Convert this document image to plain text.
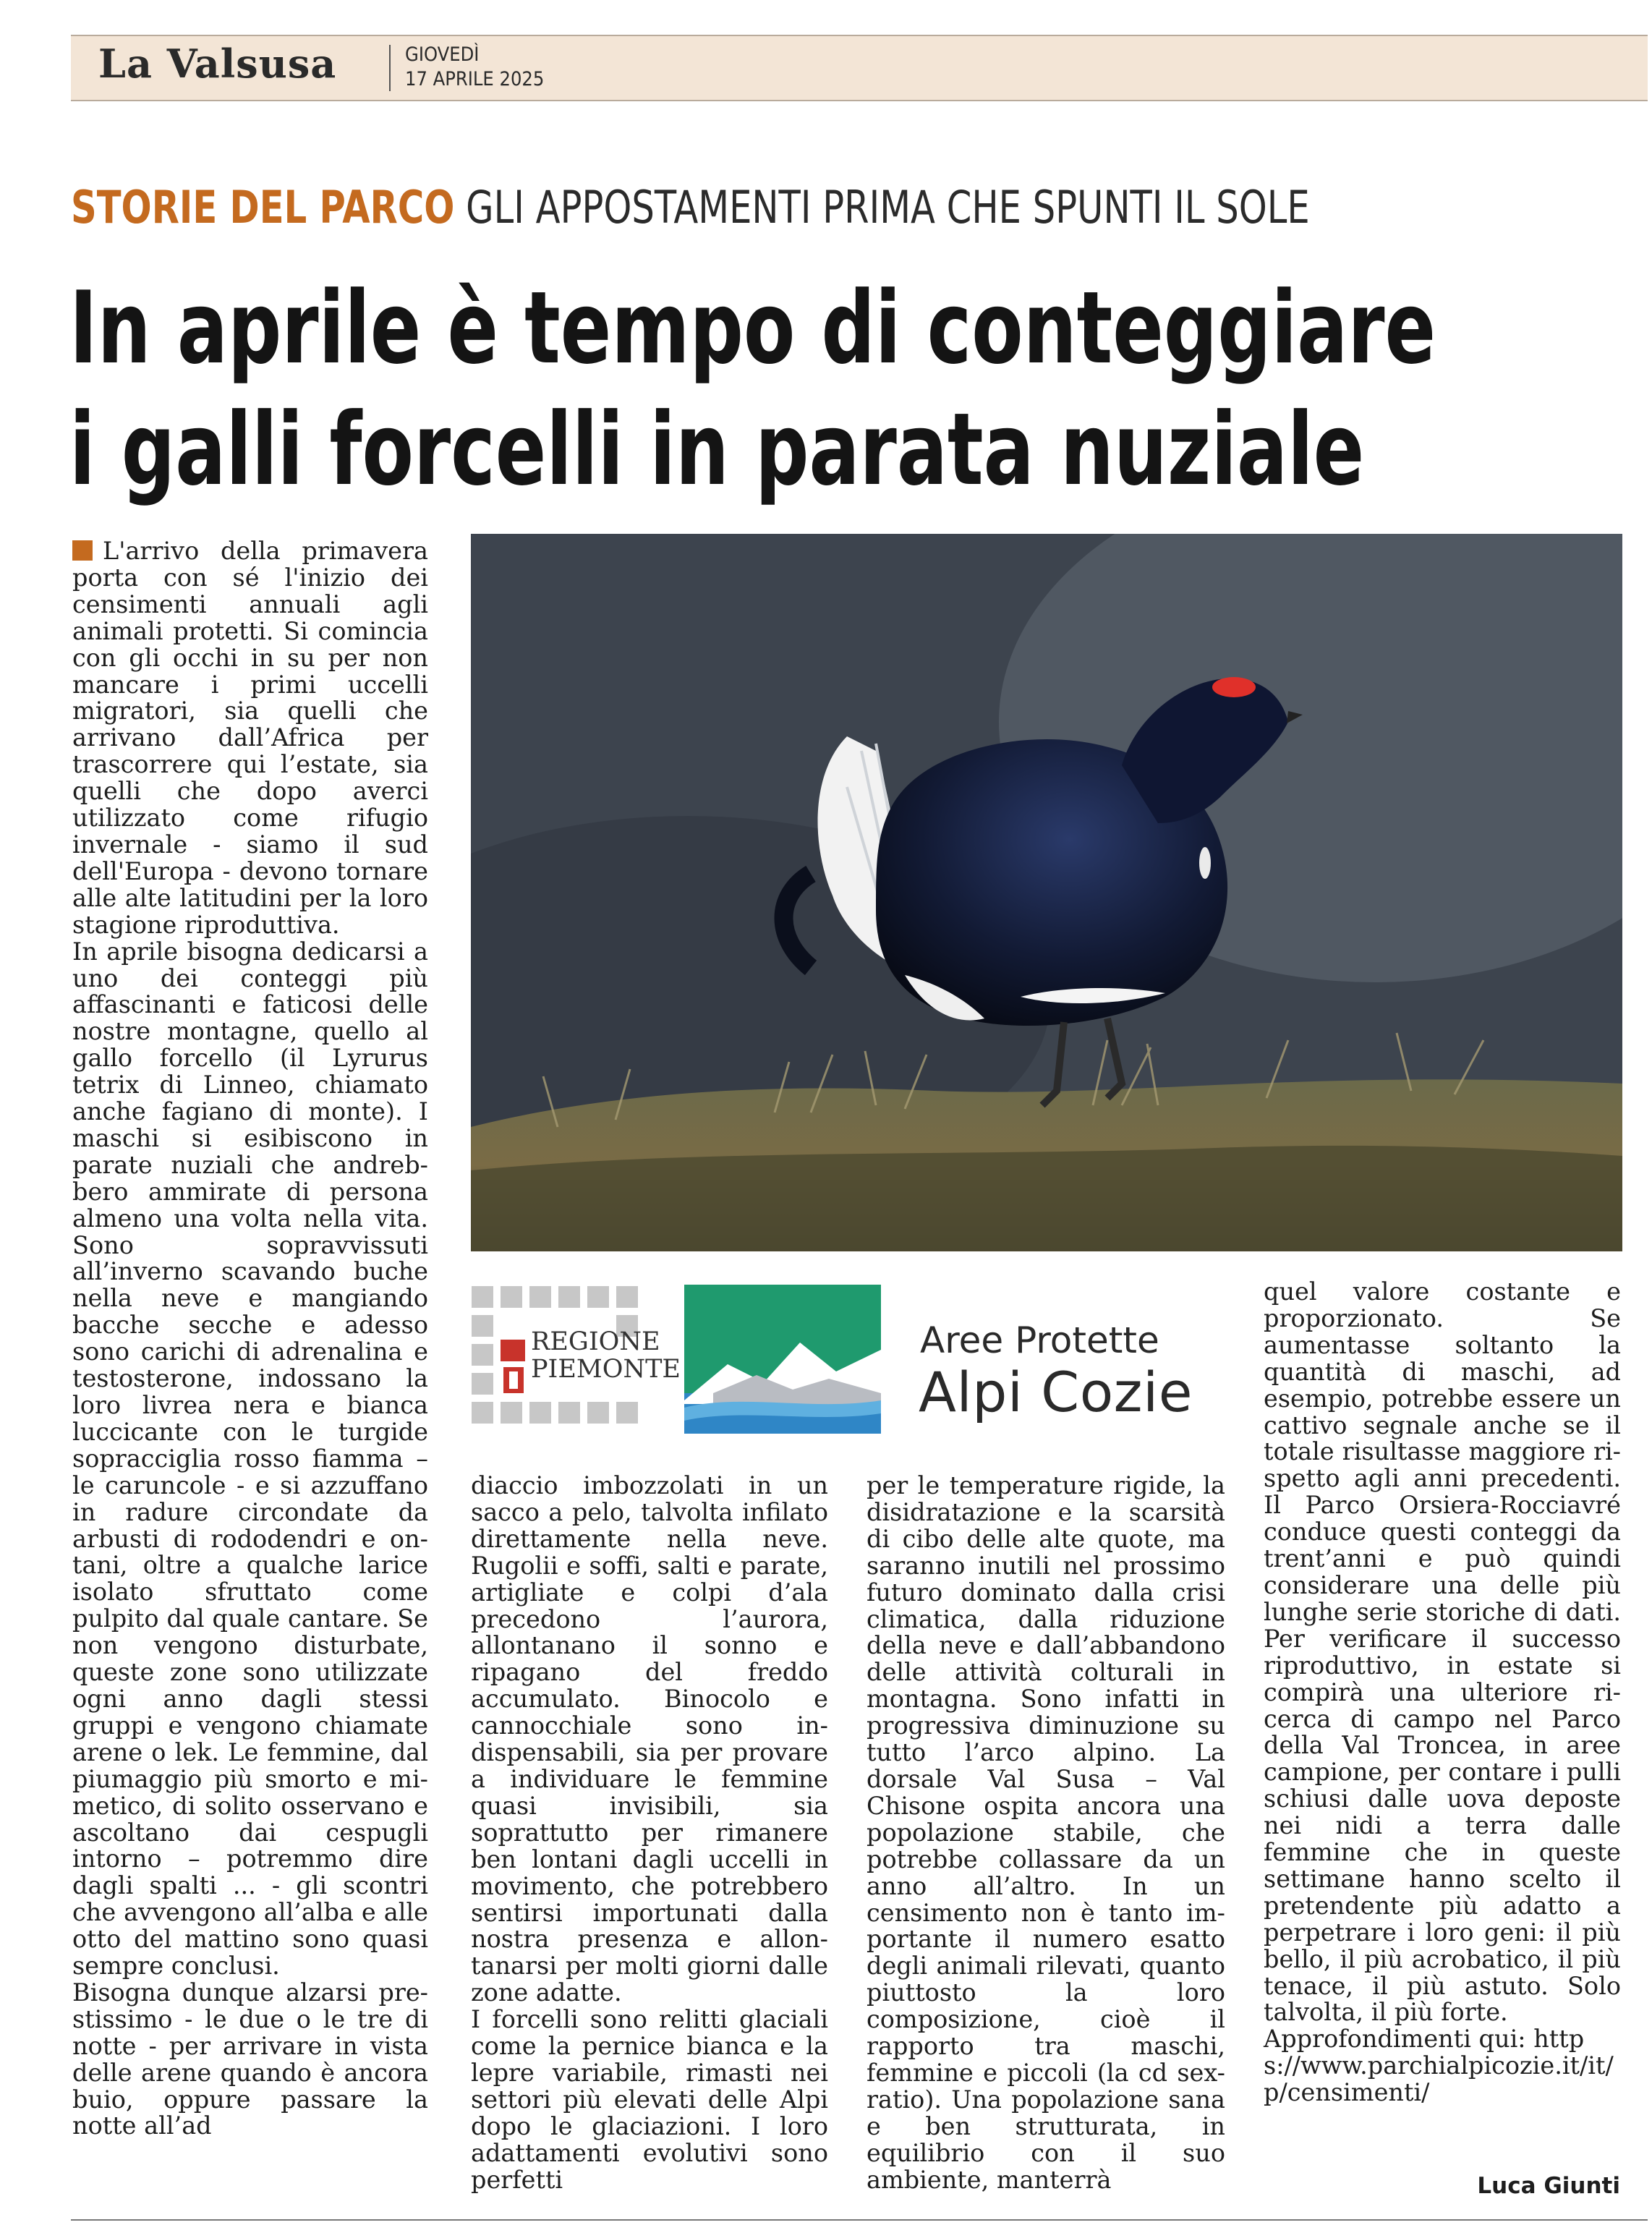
La Valsusa	GIOVEDÌ
17 APRILE 2025
STORIE DEL PARCO GLI APPOSTAMENTI PRIMA CHE SPUNTI IL SOLE
In aprile è tempo di conteggiare
i galli forcelli in parata nuziale
REGIONE
PIEMONTE
Aree Protette
Alpi Cozie

L'arrivo della primavera porta con sé l'inizio dei censimenti annuali agli animali protetti. Si comincia con gli occhi in su per non mancare i primi uccelli migratori, sia quelli che arrivano dall’Africa per trascorrere qui l’estate, sia quelli che dopo averci utilizzato come rifugio invernale - siamo il sud dell'Europa - devono tornare alle alte latitudini per la loro stagione riproduttiva.

In aprile bisogna dedicarsi a uno dei conteggi più affascinanti e faticosi delle nostre montagne, quello al gallo forcello (il Lyrurus tetrix di Linneo, chiamato anche fagiano di monte). I maschi si esibiscono in parate nuziali che andrebbero ammirate di persona almeno una volta nella vita. Sono sopravvissuti all’inverno scavando buche nella neve e mangiando bacche secche e adesso sono carichi di adrenalina e testosterone, indossano la loro livrea nera e bianca luccicante con le turgide sopracciglia rosso fiamma – le caruncole - e si azzuffano in radure circondate da arbusti di rododendri e ontani, oltre a qualche larice isolato sfruttato come pulpito dal quale cantare. Se non vengono disturbate, queste zone sono utilizzate ogni anno dagli stessi gruppi e vengono chiamate arene o lek. Le femmine, dal piumaggio più smorto e mimetico, di solito osservano e ascoltano dai cespugli intorno – potremmo dire dagli spalti ... - gli scontri che avvengono all’alba e alle otto del mattino sono quasi sempre conclusi.

Bisogna dunque alzarsi prestissimo - le due o le tre di notte - per arrivare in vista delle arene quando è ancora buio, oppure passare la notte all’ad

diaccio imbozzolati in un sacco a pelo, talvolta infilato direttamente nella neve. Rugolii e soffi, salti e parate, artigliate e colpi d’ala precedono l’aurora, allontanano il sonno e ripagano del freddo accumulato. Binocolo e cannocchiale sono indispensabili, sia per provare a individuare le femmine quasi invisibili, sia soprattutto per rimanere ben lontani dagli uccelli in movimento, che potrebbero sentirsi importunati dalla nostra presenza e allontanarsi per molti giorni dalle zone adatte.

I forcelli sono relitti glaciali come la pernice bianca e la lepre variabile, rimasti nei settori più elevati delle Alpi dopo le glaciazioni. I loro adattamenti evolutivi sono perfetti

per le temperature rigide, la disidratazione e la scarsità di cibo delle alte quote, ma saranno inutili nel prossimo futuro dominato dalla crisi climatica, dalla riduzione della neve e dall’abbandono delle attività colturali in montagna. Sono infatti in progressiva diminuzione su tutto l’arco alpino. La dorsale Val Susa – Val Chisone ospita ancora una popolazione stabile, che potrebbe collassare da un anno all’altro. In un censimento non è tanto importante il numero esatto degli animali rilevati, quanto piuttosto la loro composizione, cioè il rapporto tra maschi, femmine e piccoli (la cd sex-ratio). Una popolazione sana e ben strutturata, in equilibrio con il suo ambiente, manterrà

quel valore costante e proporzionato. Se aumentasse soltanto la quantità di maschi, ad esempio, potrebbe essere un cattivo segnale anche se il totale risultasse maggiore rispetto agli anni precedenti. Il Parco Orsiera-Rocciavré conduce questi conteggi da trent’anni e può quindi considerare una delle più lunghe serie storiche di dati. Per verificare il successo riproduttivo, in estate si compirà una ulteriore ricerca di campo nel Parco della Val Troncea, in aree campione, per contare i pulli schiusi dalle uova deposte nei nidi a terra dalle femmine che in queste settimane hanno scelto il pretendente più adatto a perpetrare i loro geni: il più bello, il più acrobatico, il più tenace, il più astuto. Solo talvolta, il più forte.

Approfondimenti qui: https://www.parchialpicozie.it/it/p/censimenti/

Luca Giunti
